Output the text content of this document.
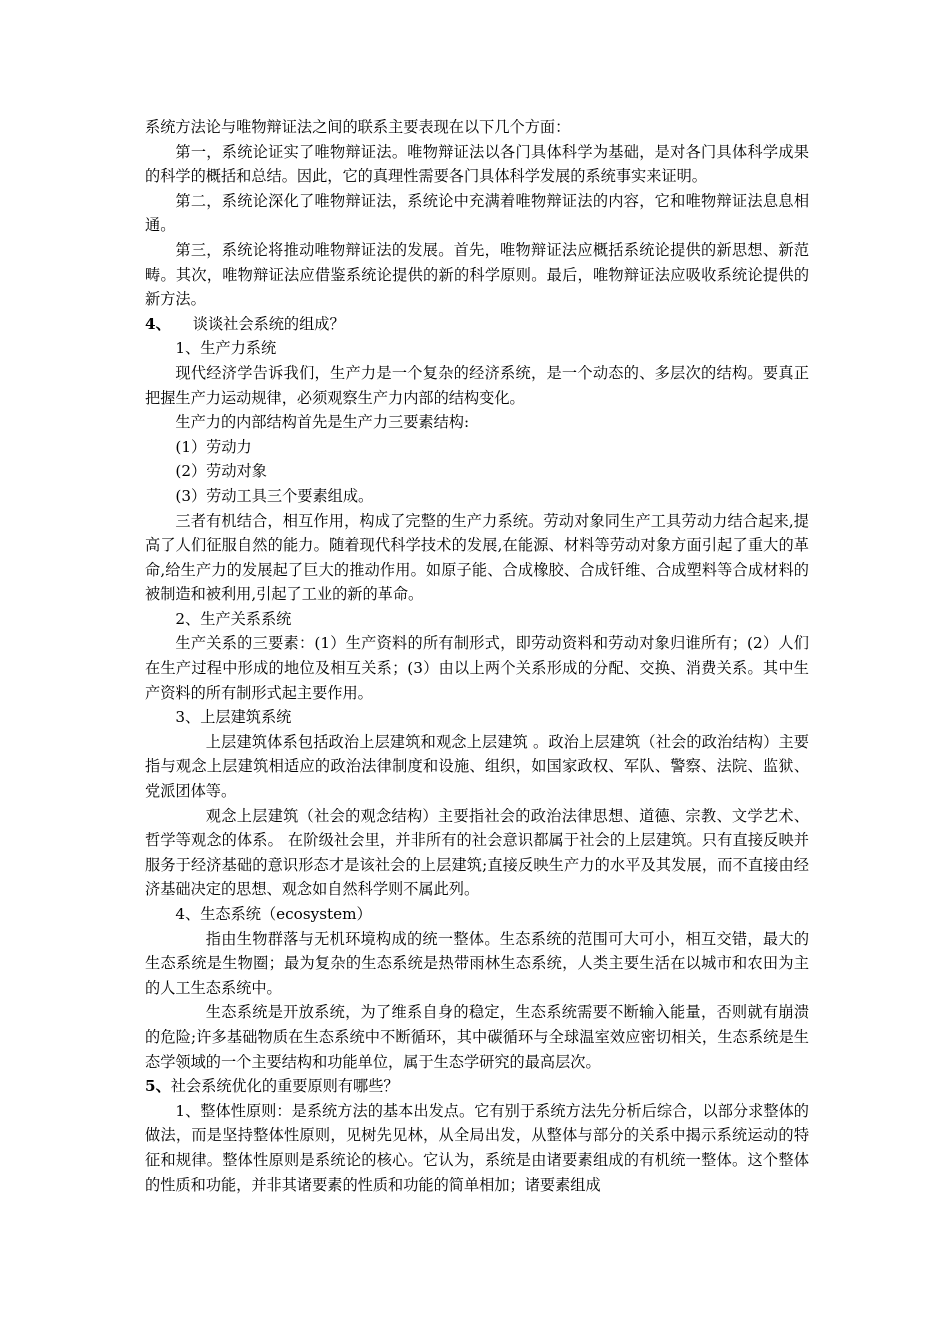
系统方法论与唯物辩证法之间的联系主要表现在以下几个方面：

第一，系统论证实了唯物辩证法。唯物辩证法以各门具体科学为基础，是对各门具体科学成果的科学的概括和总结。因此，它的真理性需要各门具体科学发展的系统事实来证明。

第二，系统论深化了唯物辩证法，系统论中充满着唯物辩证法的内容，它和唯物辩证法息息相通。

第三，系统论将推动唯物辩证法的发展。首先，唯物辩证法应概括系统论提供的新思想、新范畴。其次，唯物辩证法应借鉴系统论提供的新的科学原则。最后，唯物辩证法应吸收系统论提供的新方法。

4、 谈谈社会系统的组成？

1、生产力系统

现代经济学告诉我们，生产力是一个复杂的经济系统，是一个动态的、多层次的结构。要真正把握生产力运动规律，必须观察生产力内部的结构变化。

生产力的内部结构首先是生产力三要素结构:

(1）劳动力

(2）劳动对象

(3）劳动工具三个要素组成。

三者有机结合，相互作用，构成了完整的生产力系统。劳动对象同生产工具劳动力结合起来,提高了人们征服自然的能力。随着现代科学技术的发展,在能源、材料等劳动对象方面引起了重大的革命,给生产力的发展起了巨大的推动作用。如原子能、合成橡胶、合成钎维、合成塑料等合成材料的被制造和被利用,引起了工业的新的革命。

2、生产关系系统

生产关系的三要素：(1）生产资料的所有制形式，即劳动资料和劳动对象归谁所有；(2）人们在生产过程中形成的地位及相互关系；(3）由以上两个关系形成的分配、交换、消费关系。其中生产资料的所有制形式起主要作用。

3、上层建筑系统

上层建筑体系包括政治上层建筑和观念上层建筑 。政治上层建筑（社会的政治结构）主要指与观念上层建筑相适应的政治法律制度和设施、组织，如国家政权、军队、警察、法院、监狱、党派团体等。

观念上层建筑（社会的观念结构）主要指社会的政治法律思想、道德、宗教、文学艺术、哲学等观念的体系。 在阶级社会里，并非所有的社会意识都属于社会的上层建筑。只有直接反映并服务于经济基础的意识形态才是该社会的上层建筑;直接反映生产力的水平及其发展，而不直接由经济基础决定的思想、观念如自然科学则不属此列。

4、生态系统（ecosystem）

指由生物群落与无机环境构成的统一整体。生态系统的范围可大可小，相互交错，最大的生态系统是生物圈；最为复杂的生态系统是热带雨林生态系统，人类主要生活在以城市和农田为主的人工生态系统中。

生态系统是开放系统，为了维系自身的稳定，生态系统需要不断输入能量，否则就有崩溃的危险;许多基础物质在生态系统中不断循环，其中碳循环与全球温室效应密切相关，生态系统是生态学领域的一个主要结构和功能单位，属于生态学研究的最高层次。

5、社会系统优化的重要原则有哪些？

1、整体性原则：是系统方法的基本出发点。它有别于系统方法先分析后综合，以部分求整体的做法，而是坚持整体性原则，见树先见林，从全局出发，从整体与部分的关系中揭示系统运动的特征和规律。整体性原则是系统论的核心。它认为，系统是由诸要素组成的有机统一整体。这个整体的性质和功能，并非其诸要素的性质和功能的简单相加；诸要素组成
